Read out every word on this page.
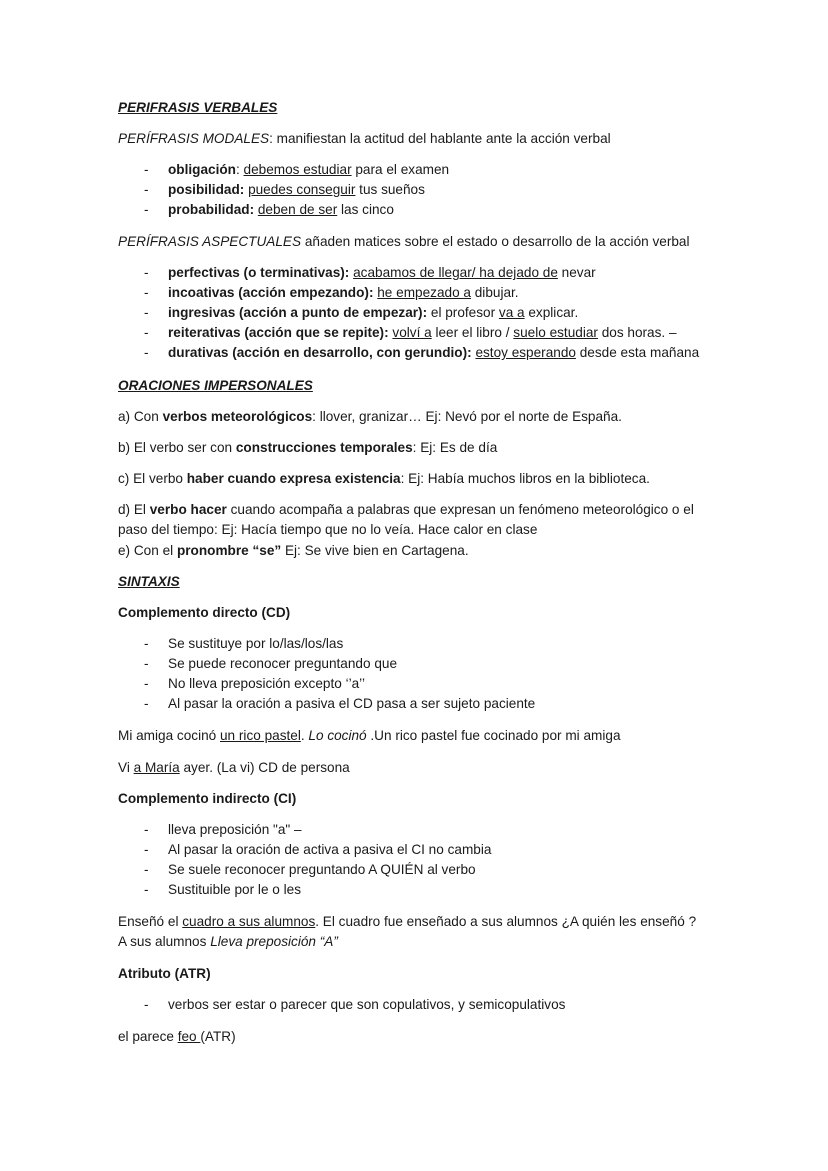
PERIFRASIS VERBALES
PERÍFRASIS MODALES: manifiestan la actitud del hablante ante la acción verbal
- obligación: debemos estudiar para el examen
- posibilidad: puedes conseguir tus sueños
- probabilidad: deben de ser las cinco
PERÍFRASIS ASPECTUALES añaden matices sobre el estado o desarrollo de la acción verbal
- perfectivas (o terminativas): acabamos de llegar/ ha dejado de nevar
- incoativas (acción empezando): he empezado a dibujar.
- ingresivas (acción a punto de empezar): el profesor va a explicar.
- reiterativas (acción que se repite): volví a leer el libro / suelo estudiar dos horas. –
- durativas (acción en desarrollo, con gerundio): estoy esperando desde esta mañana
ORACIONES IMPERSONALES
a) Con verbos meteorológicos: llover, granizar… Ej: Nevó por el norte de España.
b) El verbo ser con construcciones temporales: Ej: Es de día
c) El verbo haber cuando expresa existencia: Ej: Había muchos libros en la biblioteca.
d) El verbo hacer cuando acompaña a palabras que expresan un fenómeno meteorológico o el
paso del tiempo: Ej: Hacía tiempo que no lo veía. Hace calor en clase
e) Con el pronombre “se” Ej: Se vive bien en Cartagena.
SINTAXIS
Complemento directo (CD)
- Se sustituye por lo/las/los/las
- Se puede reconocer preguntando que
- No lleva preposición excepto ‘’a’’
- Al pasar la oración a pasiva el CD pasa a ser sujeto paciente
Mi amiga cocinó un rico pastel. Lo cocinó .Un rico pastel fue cocinado por mi amiga
Vi a María ayer. (La vi) CD de persona
Complemento indirecto (CI)
- lleva preposición "a" –
- Al pasar la oración de activa a pasiva el CI no cambia
- Se suele reconocer preguntando A QUIÉN al verbo
- Sustituible por le o les
Enseñó el cuadro a sus alumnos. El cuadro fue enseñado a sus alumnos ¿A quién les enseñó ?
A sus alumnos Lleva preposición “A”
Atributo (ATR)
- verbos ser estar o parecer que son copulativos, y semicopulativos
el parece feo (ATR)
